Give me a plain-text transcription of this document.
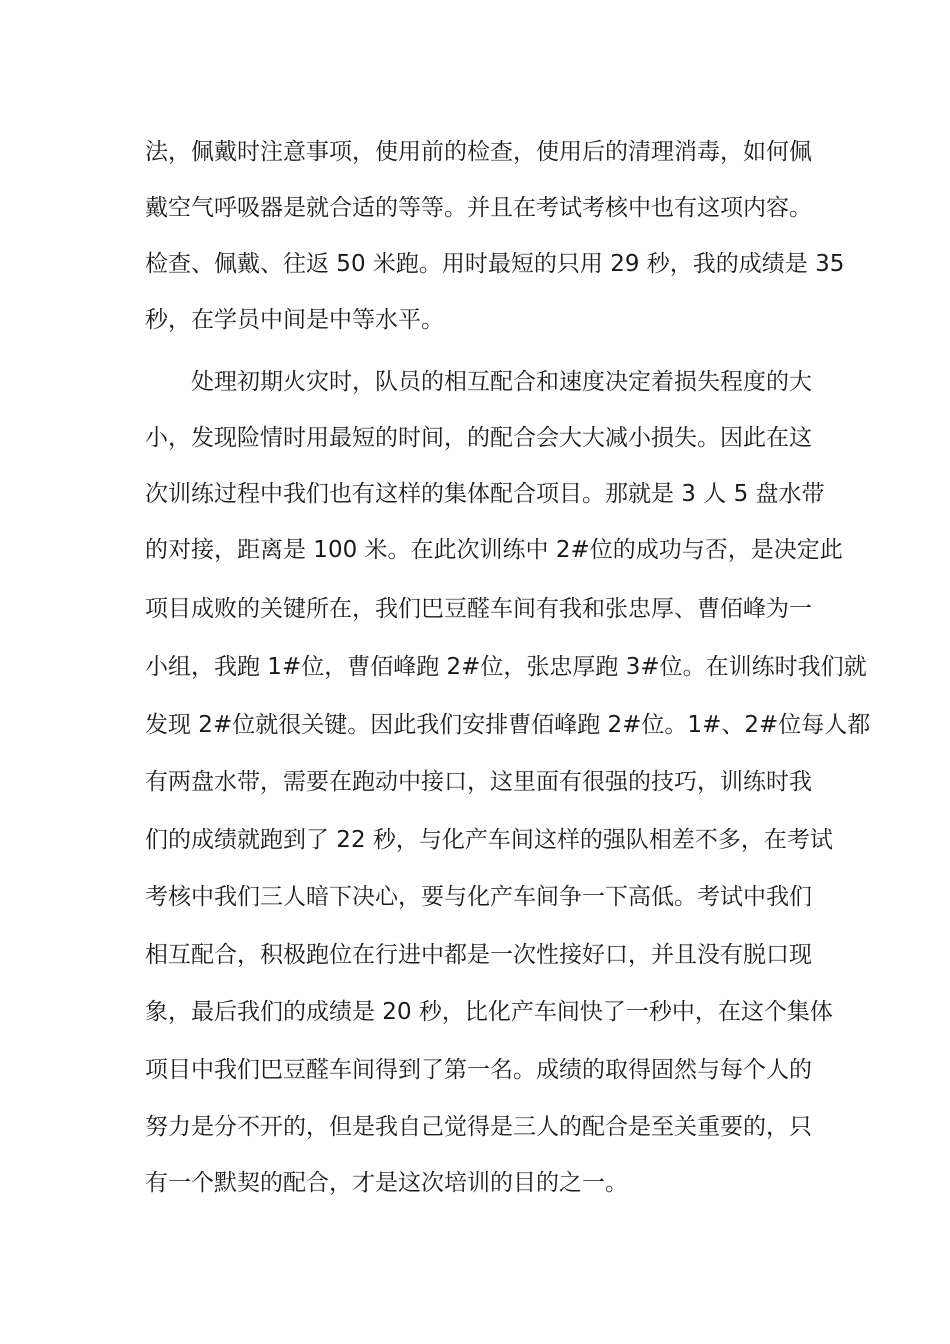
法，佩戴时注意事项，使用前的检查，使用后的清理消毒，如何佩
戴空气呼吸器是就合适的等等。并且在考试考核中也有这项内容。
检查、佩戴、往返 50 米跑。用时最短的只用 29 秒，我的成绩是 35
秒，在学员中间是中等水平。
处理初期火灾时，队员的相互配合和速度决定着损失程度的大
小，发现险情时用最短的时间，的配合会大大减小损失。因此在这
次训练过程中我们也有这样的集体配合项目。那就是 3 人 5 盘水带
的对接，距离是 100 米。在此次训练中 2#位的成功与否，是决定此
项目成败的关键所在，我们巴豆醛车间有我和张忠厚、曹佰峰为一
小组，我跑 1#位，曹佰峰跑 2#位，张忠厚跑 3#位。在训练时我们就
发现 2#位就很关键。因此我们安排曹佰峰跑 2#位。1#、2#位每人都
有两盘水带，需要在跑动中接口，这里面有很强的技巧，训练时我
们的成绩就跑到了 22 秒，与化产车间这样的强队相差不多，在考试
考核中我们三人暗下决心，要与化产车间争一下高低。考试中我们
相互配合，积极跑位在行进中都是一次性接好口，并且没有脱口现
象，最后我们的成绩是 20 秒，比化产车间快了一秒中，在这个集体
项目中我们巴豆醛车间得到了第一名。成绩的取得固然与每个人的
努力是分不开的，但是我自己觉得是三人的配合是至关重要的，只
有一个默契的配合，才是这次培训的目的之一。
